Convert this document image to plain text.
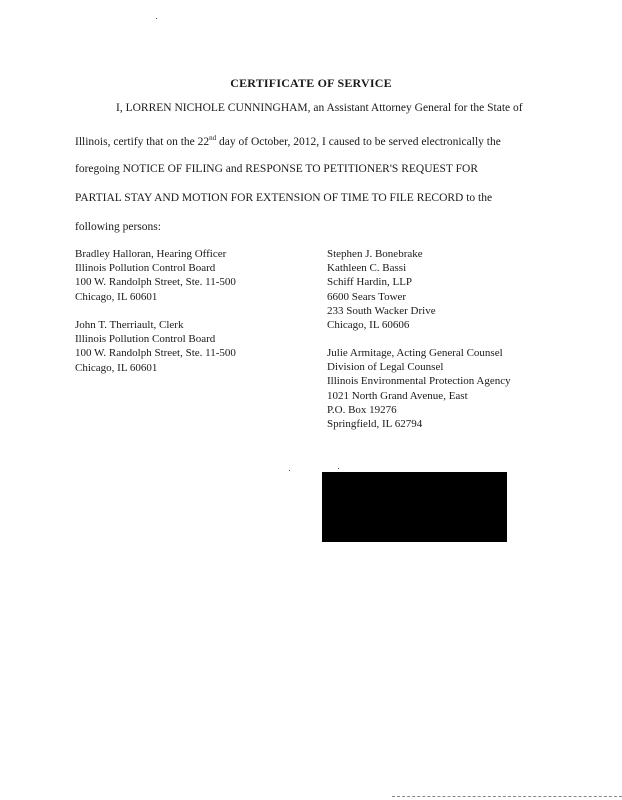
CERTIFICATE OF SERVICE
I, LORREN NICHOLE CUNNINGHAM, an Assistant Attorney General for the State of
Illinois, certify that on the 22nd day of October, 2012, I caused to be served electronically the
foregoing NOTICE OF FILING and RESPONSE TO PETITIONER'S REQUEST FOR
PARTIAL STAY AND MOTION FOR EXTENSION OF TIME TO FILE RECORD to the
following persons:
Bradley Halloran, Hearing Officer
Illinois Pollution Control Board
100 W. Randolph Street, Ste. 11-500
Chicago, IL 60601
John T. Therriault, Clerk
Illinois Pollution Control Board
100 W. Randolph Street, Ste. 11-500
Chicago, IL 60601
Stephen J. Bonebrake
Kathleen C. Bassi
Schiff Hardin, LLP
6600 Sears Tower
233 South Wacker Drive
Chicago, IL 60606
Julie Armitage, Acting General Counsel
Division of Legal Counsel
Illinois Environmental Protection Agency
1021 North Grand Avenue, East
P.O. Box 19276
Springfield, IL 62794
